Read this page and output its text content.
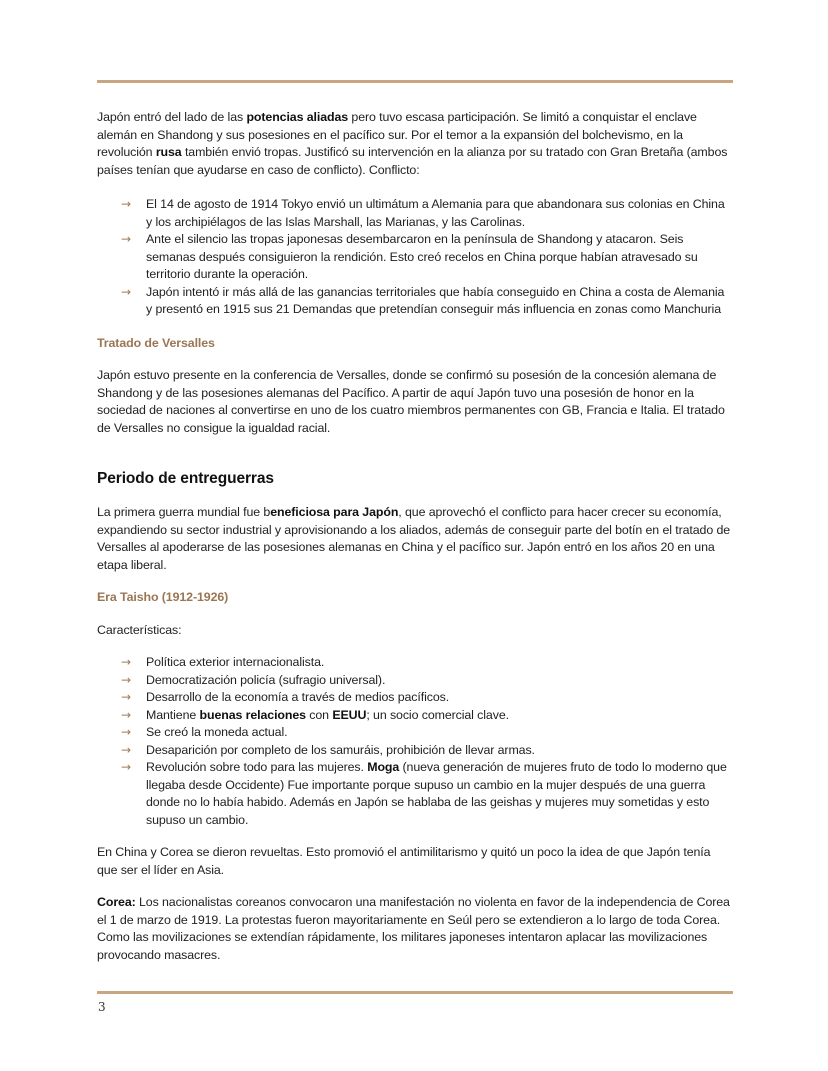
Japón entró del lado de las potencias aliadas pero tuvo escasa participación. Se limitó a conquistar el enclave alemán en Shandong y sus posesiones en el pacífico sur. Por el temor a la expansión del bolchevismo, en la revolución rusa también envió tropas. Justificó su intervención en la alianza por su tratado con Gran Bretaña (ambos países tenían que ayudarse en caso de conflicto). Conflicto:

→ El 14 de agosto de 1914 Tokyo envió un ultimátum a Alemania para que abandonara sus colonias en China y los archipiélagos de las Islas Marshall, las Marianas, y las Carolinas.
→ Ante el silencio las tropas japonesas desembarcaron en la península de Shandong y atacaron. Seis semanas después consiguieron la rendición. Esto creó recelos en China porque habían atravesado su territorio durante la operación.
→ Japón intentó ir más allá de las ganancias territoriales que había conseguido en China a costa de Alemania y presentó en 1915 sus 21 Demandas que pretendían conseguir más influencia en zonas como Manchuria

Tratado de Versalles

Japón estuvo presente en la conferencia de Versalles, donde se confirmó su posesión de la concesión alemana de Shandong y de las posesiones alemanas del Pacífico. A partir de aquí Japón tuvo una posesión de honor en la sociedad de naciones al convertirse en uno de los cuatro miembros permanentes con GB, Francia e Italia. El tratado de Versalles no consigue la igualdad racial.

Periodo de entreguerras

La primera guerra mundial fue beneficiosa para Japón, que aprovechó el conflicto para hacer crecer su economía, expandiendo su sector industrial y aprovisionando a los aliados, además de conseguir parte del botín en el tratado de Versalles al apoderarse de las posesiones alemanas en China y el pacífico sur. Japón entró en los años 20 en una etapa liberal.

Era Taisho (1912-1926)

Características:

→ Política exterior internacionalista.
→ Democratización policía (sufragio universal).
→ Desarrollo de la economía a través de medios pacíficos.
→ Mantiene buenas relaciones con EEUU; un socio comercial clave.
→ Se creó la moneda actual.
→ Desaparición por completo de los samuráis, prohibición de llevar armas.
→ Revolución sobre todo para las mujeres. Moga (nueva generación de mujeres fruto de todo lo moderno que llegaba desde Occidente) Fue importante porque supuso un cambio en la mujer después de una guerra donde no lo había habido. Además en Japón se hablaba de las geishas y mujeres muy sometidas y esto supuso un cambio.

En China y Corea se dieron revueltas. Esto promovió el antimilitarismo y quitó un poco la idea de que Japón tenía que ser el líder en Asia.

Corea: Los nacionalistas coreanos convocaron una manifestación no violenta en favor de la independencia de Corea el 1 de marzo de 1919. La protestas fueron mayoritariamente en Seúl pero se extendieron a lo largo de toda Corea. Como las movilizaciones se extendían rápidamente, los militares japoneses intentaron aplacar las movilizaciones provocando masacres.

3
